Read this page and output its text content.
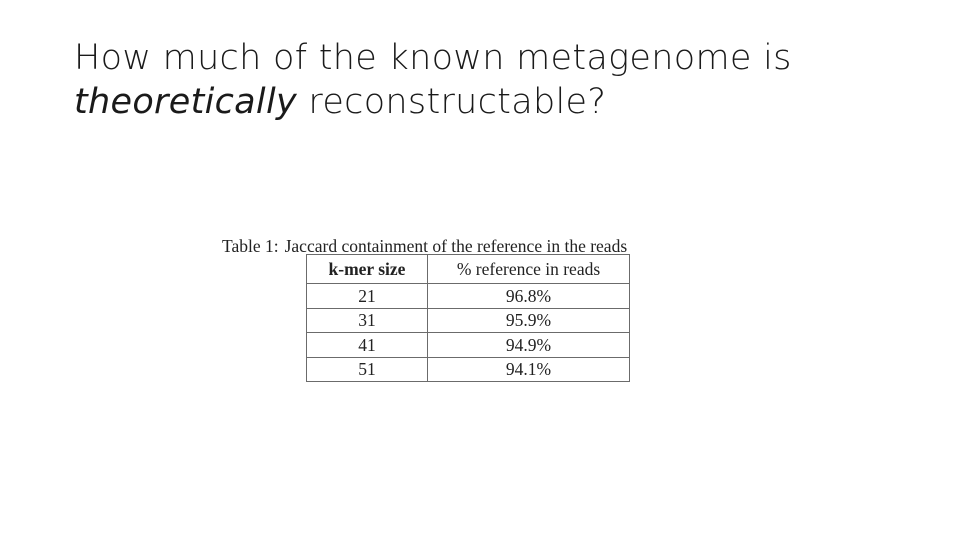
How much of the known metagenome is
theoretically reconstructable?
Table 1: Jaccard containment of the reference in the reads
k-mer size	% reference in reads
21	96.8%
31	95.9%
41	94.9%
51	94.1%
